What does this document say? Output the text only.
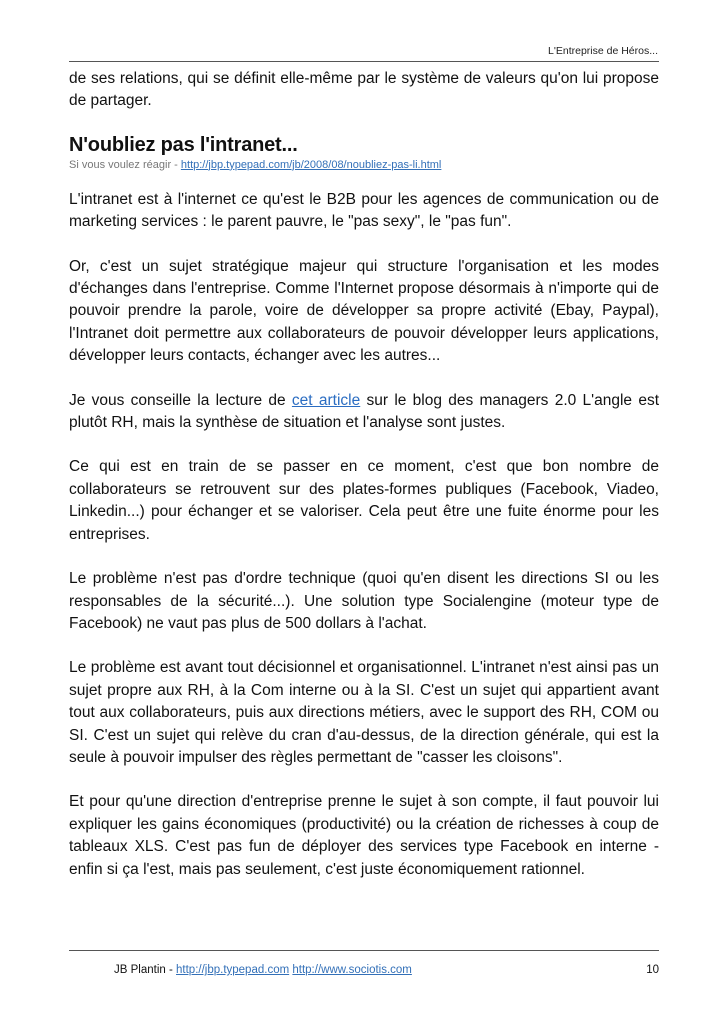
L'Entreprise de Héros...

de ses relations, qui se définit elle-même par le système de valeurs qu'on lui propose de partager.

N'oubliez pas l'intranet...
Si vous voulez réagir - http://jbp.typepad.com/jb/2008/08/noubliez-pas-li.html

L'intranet est à l'internet ce qu'est le B2B pour les agences de communication ou de marketing services : le parent pauvre, le "pas sexy", le "pas fun".

Or, c'est un sujet stratégique majeur qui structure l'organisation et les modes d'échanges dans l'entreprise. Comme l'Internet propose désormais à n'importe qui de pouvoir prendre la parole, voire de développer sa propre activité (Ebay, Paypal), l'Intranet doit permettre aux collaborateurs de pouvoir développer leurs applications, développer leurs contacts, échanger avec les autres...

Je vous conseille la lecture de cet article sur le blog des managers 2.0 L'angle est plutôt RH, mais la synthèse de situation et l'analyse sont justes.

Ce qui est en train de se passer en ce moment, c'est que bon nombre de collaborateurs se retrouvent sur des plates-formes publiques (Facebook, Viadeo, Linkedin...) pour échanger et se valoriser. Cela peut être une fuite énorme pour les entreprises.

Le problème n'est pas d'ordre technique (quoi qu'en disent les directions SI ou les responsables de la sécurité...). Une solution type Socialengine (moteur type de Facebook) ne vaut pas plus de 500 dollars à l'achat.

Le problème est avant tout décisionnel et organisationnel. L'intranet n'est ainsi pas un sujet propre aux RH, à la Com interne ou à la SI. C'est un sujet qui appartient avant tout aux collaborateurs, puis aux directions métiers, avec le support des RH, COM ou SI. C'est un sujet qui relève du cran d'au-dessus, de la direction générale, qui est la seule à pouvoir impulser des règles permettant de "casser les cloisons".

Et pour qu'une direction d'entreprise prenne le sujet à son compte, il faut pouvoir lui expliquer les gains économiques (productivité) ou la création de richesses à coup de tableaux XLS. C'est pas fun de déployer des services type Facebook en interne - enfin si ça l'est, mais pas seulement, c'est juste économiquement rationnel.

JB Plantin - http://jbp.typepad.com http://www.sociotis.com	10
